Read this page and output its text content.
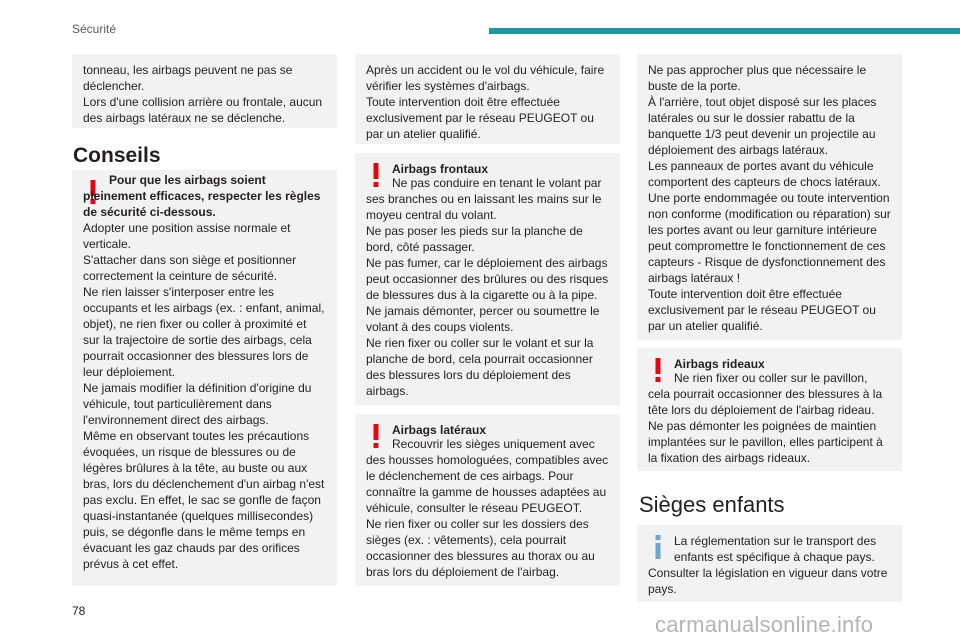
Sécurité

tonneau, les airbags peuvent ne pas se déclencher.
Lors d'une collision arrière ou frontale, aucun des airbags latéraux ne se déclenche.

Conseils

Pour que les airbags soient pleinement efficaces, respecter les règles de sécurité ci-dessous.

Adopter une position assise normale et verticale.
S'attacher dans son siège et positionner correctement la ceinture de sécurité.
Ne rien laisser s'interposer entre les occupants et les airbags (ex. : enfant, animal, objet), ne rien fixer ou coller à proximité et sur la trajectoire de sortie des airbags, cela pourrait occasionner des blessures lors de leur déploiement.
Ne jamais modifier la définition d'origine du véhicule, tout particulièrement dans l'environnement direct des airbags.
Même en observant toutes les précautions évoquées, un risque de blessures ou de légères brûlures à la tête, au buste ou aux bras, lors du déclenchement d'un airbag n'est pas exclu. En effet, le sac se gonfle de façon quasi-instantanée (quelques millisecondes) puis, se dégonfle dans le même temps en évacuant les gaz chauds par des orifices prévus à cet effet.

Après un accident ou le vol du véhicule, faire vérifier les systèmes d'airbags.
Toute intervention doit être effectuée exclusivement par le réseau PEUGEOT ou par un atelier qualifié.

Airbags frontaux

Ne pas conduire en tenant le volant par ses branches ou en laissant les mains sur le moyeu central du volant.
Ne pas poser les pieds sur la planche de bord, côté passager.
Ne pas fumer, car le déploiement des airbags peut occasionner des brûlures ou des risques de blessures dus à la cigarette ou à la pipe.
Ne jamais démonter, percer ou soumettre le volant à des coups violents.
Ne rien fixer ou coller sur le volant et sur la planche de bord, cela pourrait occasionner des blessures lors du déploiement des airbags.

Airbags latéraux

Recouvrir les sièges uniquement avec des housses homologuées, compatibles avec le déclenchement de ces airbags. Pour connaître la gamme de housses adaptées au véhicule, consulter le réseau PEUGEOT.
Ne rien fixer ou coller sur les dossiers des sièges (ex. : vêtements), cela pourrait occasionner des blessures au thorax ou au bras lors du déploiement de l'airbag.

Ne pas approcher plus que nécessaire le buste de la porte.
À l'arrière, tout objet disposé sur les places latérales ou sur le dossier rabattu de la banquette 1/3 peut devenir un projectile au déploiement des airbags latéraux.
Les panneaux de portes avant du véhicule comportent des capteurs de chocs latéraux. Une porte endommagée ou toute intervention non conforme (modification ou réparation) sur les portes avant ou leur garniture intérieure peut compromettre le fonctionnement de ces capteurs - Risque de dysfonctionnement des airbags latéraux !
Toute intervention doit être effectuée exclusivement par le réseau PEUGEOT ou par un atelier qualifié.

Airbags rideaux

Ne rien fixer ou coller sur le pavillon, cela pourrait occasionner des blessures à la tête lors du déploiement de l'airbag rideau.
Ne pas démonter les poignées de maintien implantées sur le pavillon, elles participent à la fixation des airbags rideaux.

Sièges enfants
La réglementation sur le transport des enfants est spécifique à chaque pays.

Consulter la législation en vigueur dans votre pays.

78
carmanualsonline.info
